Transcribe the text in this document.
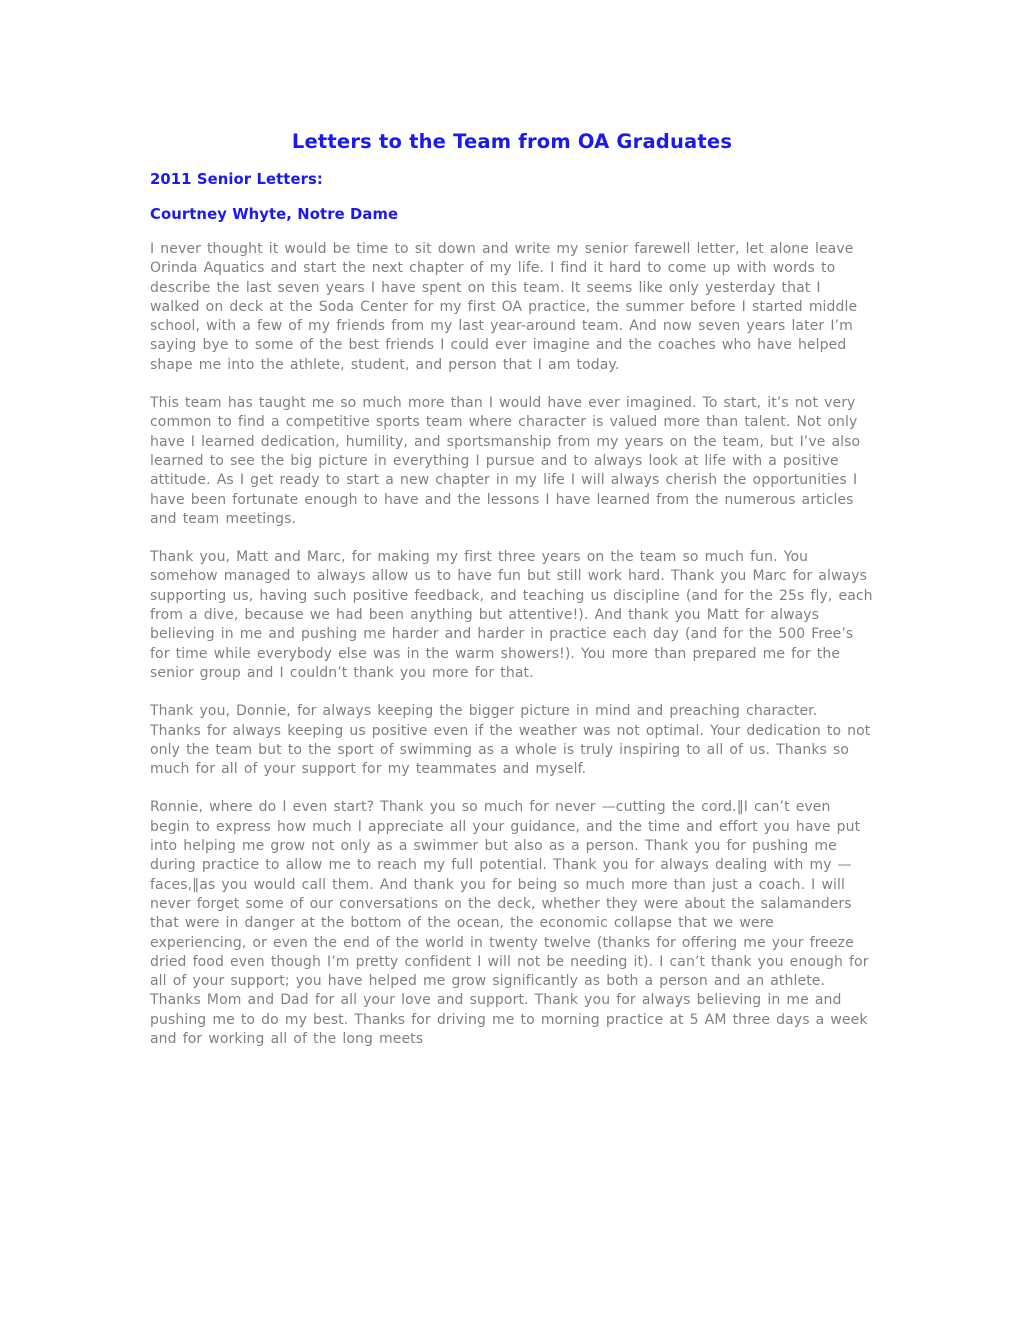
Letters to the Team from OA Graduates
2011 Senior Letters:
Courtney Whyte, Notre Dame

I never thought it would be time to sit down and write my senior farewell letter, let alone leave Orinda Aquatics and start the next chapter of my life. I find it hard to come up with words to describe the last seven years I have spent on this team. It seems like only yesterday that I walked on deck at the Soda Center for my first OA practice, the summer before I started middle school, with a few of my friends from my last year-around team. And now seven years later I’m saying bye to some of the best friends I could ever imagine and the coaches who have helped shape me into the athlete, student, and person that I am today.

This team has taught me so much more than I would have ever imagined. To start, it’s not very common to find a competitive sports team where character is valued more than talent. Not only have I learned dedication, humility, and sportsmanship from my years on the team, but I’ve also learned to see the big picture in everything I pursue and to always look at life with a positive attitude. As I get ready to start a new chapter in my life I will always cherish the opportunities I have been fortunate enough to have and the lessons I have learned from the numerous articles and team meetings.

Thank you, Matt and Marc, for making my first three years on the team so much fun. You somehow managed to always allow us to have fun but still work hard. Thank you Marc for always supporting us, having such positive feedback, and teaching us discipline (and for the 25s fly, each from a dive, because we had been anything but attentive!). And thank you Matt for always believing in me and pushing me harder and harder in practice each day (and for the 500 Free’s for time while everybody else was in the warm showers!). You more than prepared me for the senior group and I couldn’t thank you more for that.

Thank you, Donnie, for always keeping the bigger picture in mind and preaching character. Thanks for always keeping us positive even if the weather was not optimal. Your dedication to not only the team but to the sport of swimming as a whole is truly inspiring to all of us. Thanks so much for all of your support for my teammates and myself.

Ronnie, where do I even start? Thank you so much for never —cutting the cord.‖I can’t even begin to express how much I appreciate all your guidance, and the time and effort you have put into helping me grow not only as a swimmer but also as a person. Thank you for pushing me during practice to allow me to reach my full potential. Thank you for always dealing with my —faces,‖as you would call them. And thank you for being so much more than just a coach. I will never forget some of our conversations on the deck, whether they were about the salamanders that were in danger at the bottom of the ocean, the economic collapse that we were experiencing, or even the end of the world in twenty twelve (thanks for offering me your freeze dried food even though I’m pretty confident I will not be needing it). I can’t thank you enough for all of your support; you have helped me grow significantly as both a person and an athlete. Thanks Mom and Dad for all your love and support. Thank you for always believing in me and pushing me to do my best. Thanks for driving me to morning practice at 5 AM three days a week and for working all of the long meets
